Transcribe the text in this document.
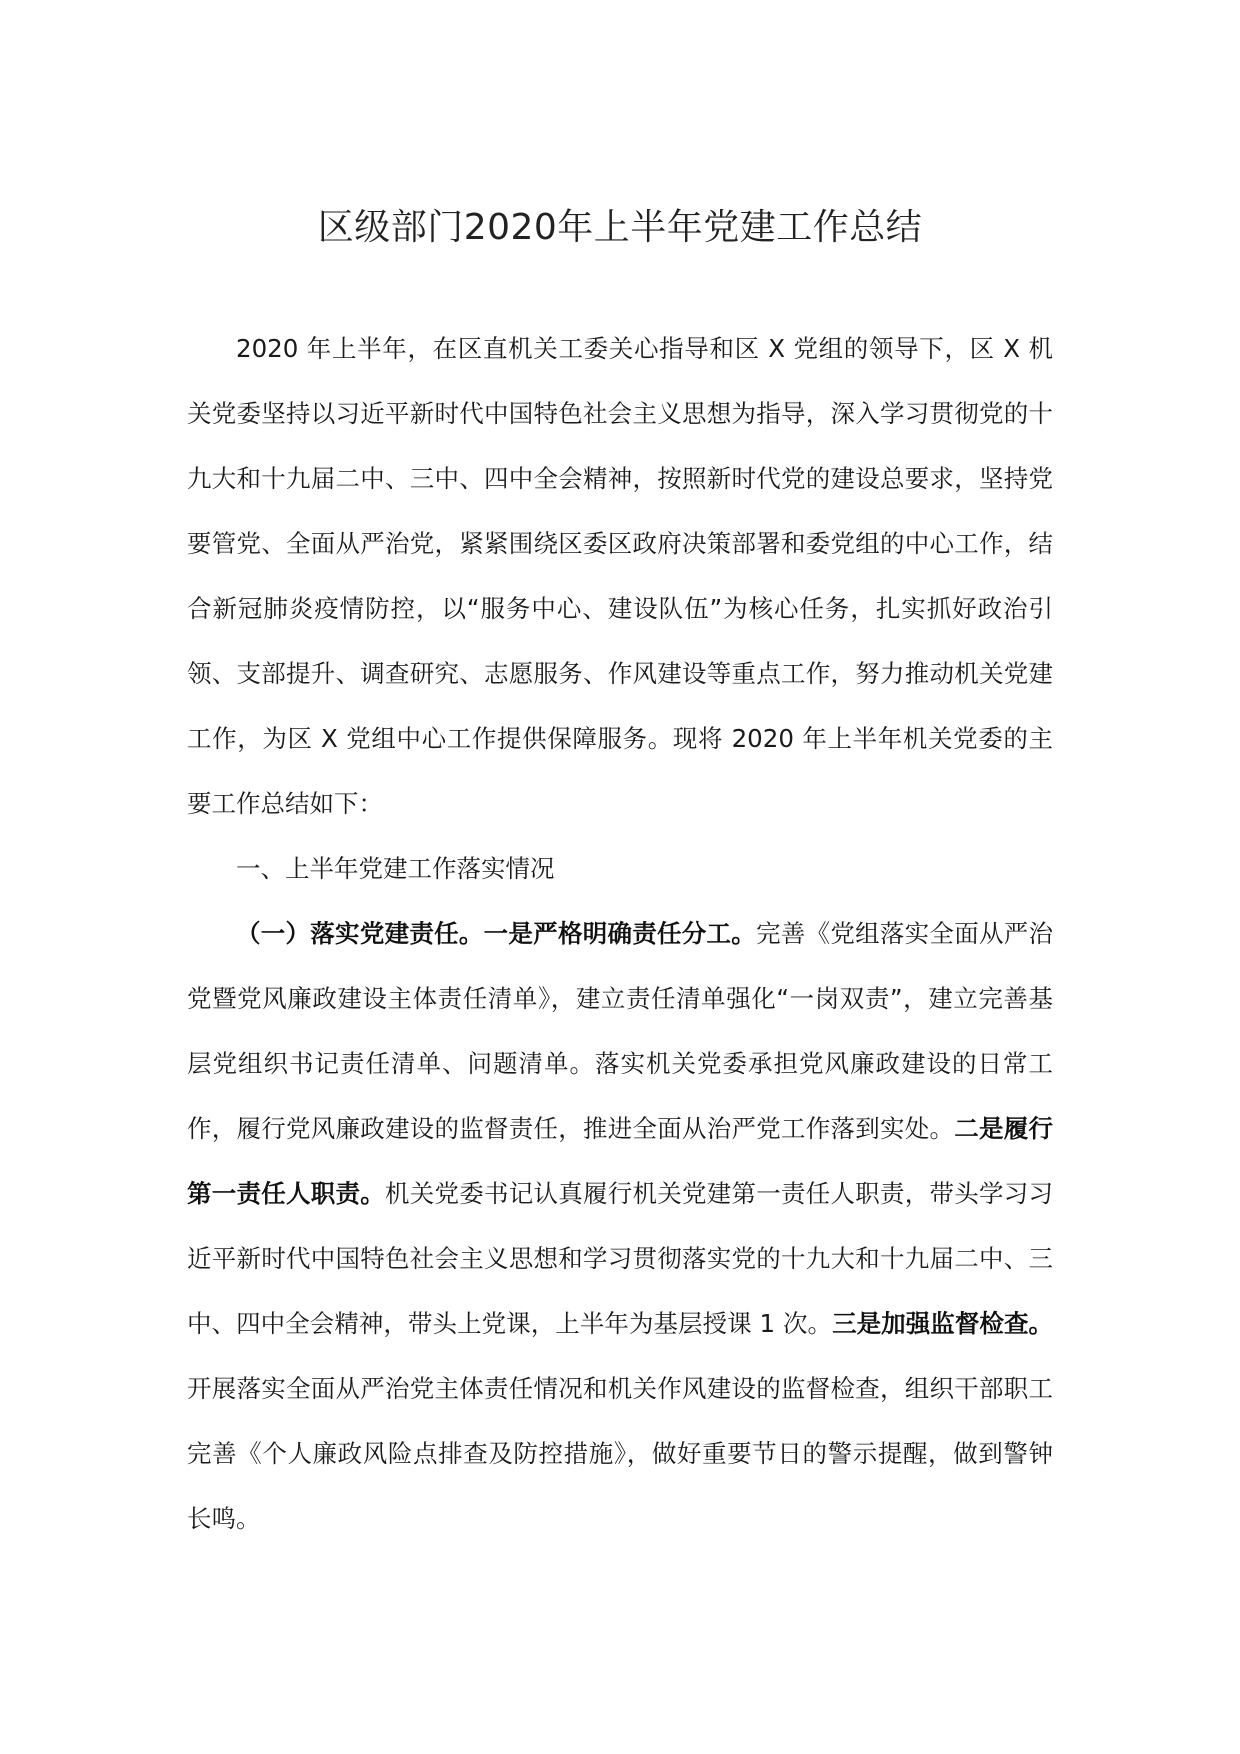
区级部门2020年上半年党建工作总结

2020 年上半年，在区直机关工委关心指导和区 X 党组的领导下，区 X 机关党委坚持以习近平新时代中国特色社会主义思想为指导，深入学习贯彻党的十九大和十九届二中、三中、四中全会精神，按照新时代党的建设总要求，坚持党要管党、全面从严治党，紧紧围绕区委区政府决策部署和委党组的中心工作，结合新冠肺炎疫情防控，以“服务中心、建设队伍”为核心任务，扎实抓好政治引领、支部提升、调查研究、志愿服务、作风建设等重点工作，努力推动机关党建工作，为区 X 党组中心工作提供保障服务。现将 2020 年上半年机关党委的主要工作总结如下：

一、上半年党建工作落实情况

（一）落实党建责任。一是严格明确责任分工。完善《党组落实全面从严治党暨党风廉政建设主体责任清单》，建立责任清单强化“一岗双责”，建立完善基层党组织书记责任清单、问题清单。落实机关党委承担党风廉政建设的日常工作，履行党风廉政建设的监督责任，推进全面从治严党工作落到实处。二是履行第一责任人职责。机关党委书记认真履行机关党建第一责任人职责，带头学习习近平新时代中国特色社会主义思想和学习贯彻落实党的十九大和十九届二中、三中、四中全会精神，带头上党课，上半年为基层授课 1 次。三是加强监督检查。开展落实全面从严治党主体责任情况和机关作风建设的监督检查，组织干部职工完善《个人廉政风险点排查及防控措施》，做好重要节日的警示提醒，做到警钟长鸣。
